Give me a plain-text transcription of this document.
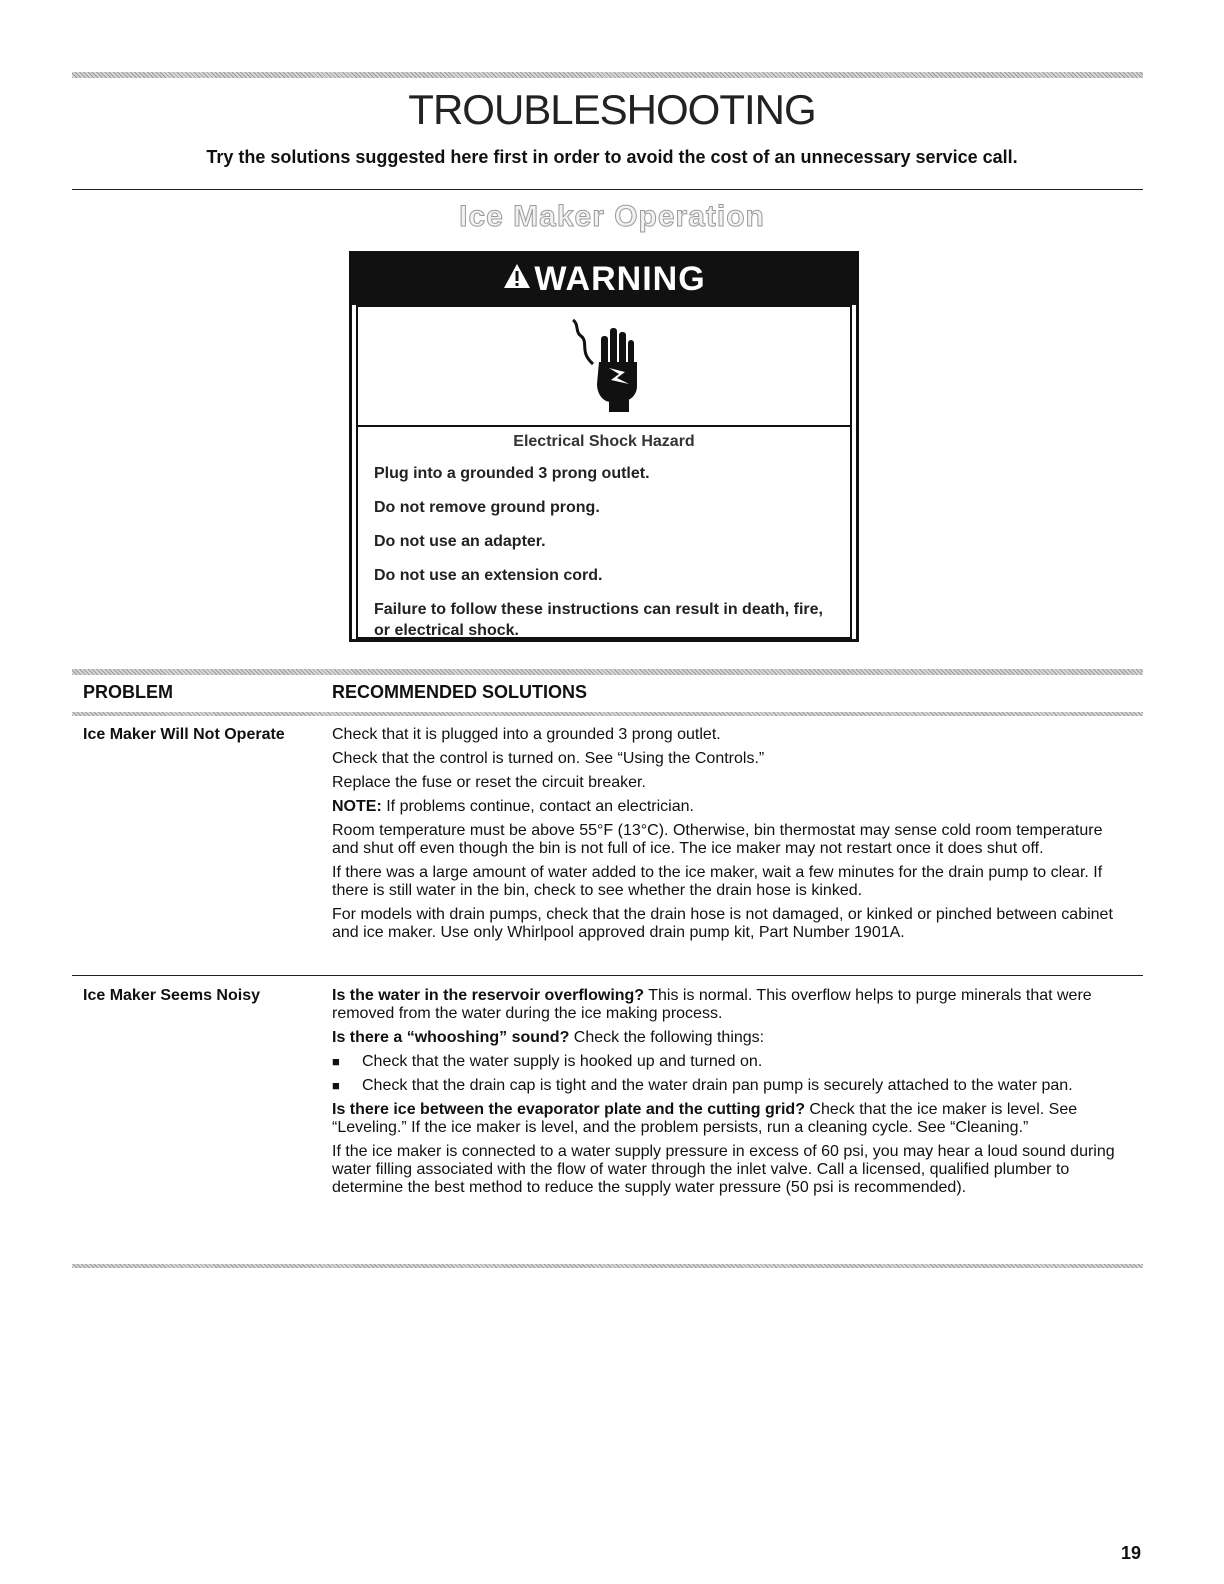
TROUBLESHOOTING

Try the solutions suggested here first in order to avoid the cost of an unnecessary service call.

Ice Maker Operation
WARNING

Electrical Shock Hazard

Plug into a grounded 3 prong outlet.

Do not remove ground prong.

Do not use an adapter.

Do not use an extension cord.

Failure to follow these instructions can result in death, fire, or electrical shock.

PROBLEM	RECOMMENDED SOLUTIONS

Ice Maker Will Not Operate	Check that it is plugged into a grounded 3 prong outlet.

Check that the control is turned on. See “Using the Controls.”

Replace the fuse or reset the circuit breaker.

NOTE: If problems continue, contact an electrician.

Room temperature must be above 55°F (13°C). Otherwise, bin thermostat may sense cold room temperature and shut off even though the bin is not full of ice. The ice maker may not restart once it does shut off.

If there was a large amount of water added to the ice maker, wait a few minutes for the drain pump to clear. If there is still water in the bin, check to see whether the drain hose is kinked.

For models with drain pumps, check that the drain hose is not damaged, or kinked or pinched between cabinet and ice maker. Use only Whirlpool approved drain pump kit, Part Number 1901A.

Ice Maker Seems Noisy	Is the water in the reservoir overflowing? This is normal. This overflow helps to purge minerals that were removed from the water during the ice making process.

Is there a “whooshing” sound? Check the following things:

■	Check that the water supply is hooked up and turned on.
■	Check that the drain cap is tight and the water drain pan pump is securely attached to the water pan.

Is there ice between the evaporator plate and the cutting grid? Check that the ice maker is level. See “Leveling.” If the ice maker is level, and the problem persists, run a cleaning cycle. See “Cleaning.”

If the ice maker is connected to a water supply pressure in excess of 60 psi, you may hear a loud sound during water filling associated with the flow of water through the inlet valve. Call a licensed, qualified plumber to determine the best method to reduce the supply water pressure (50 psi is recommended).

19
